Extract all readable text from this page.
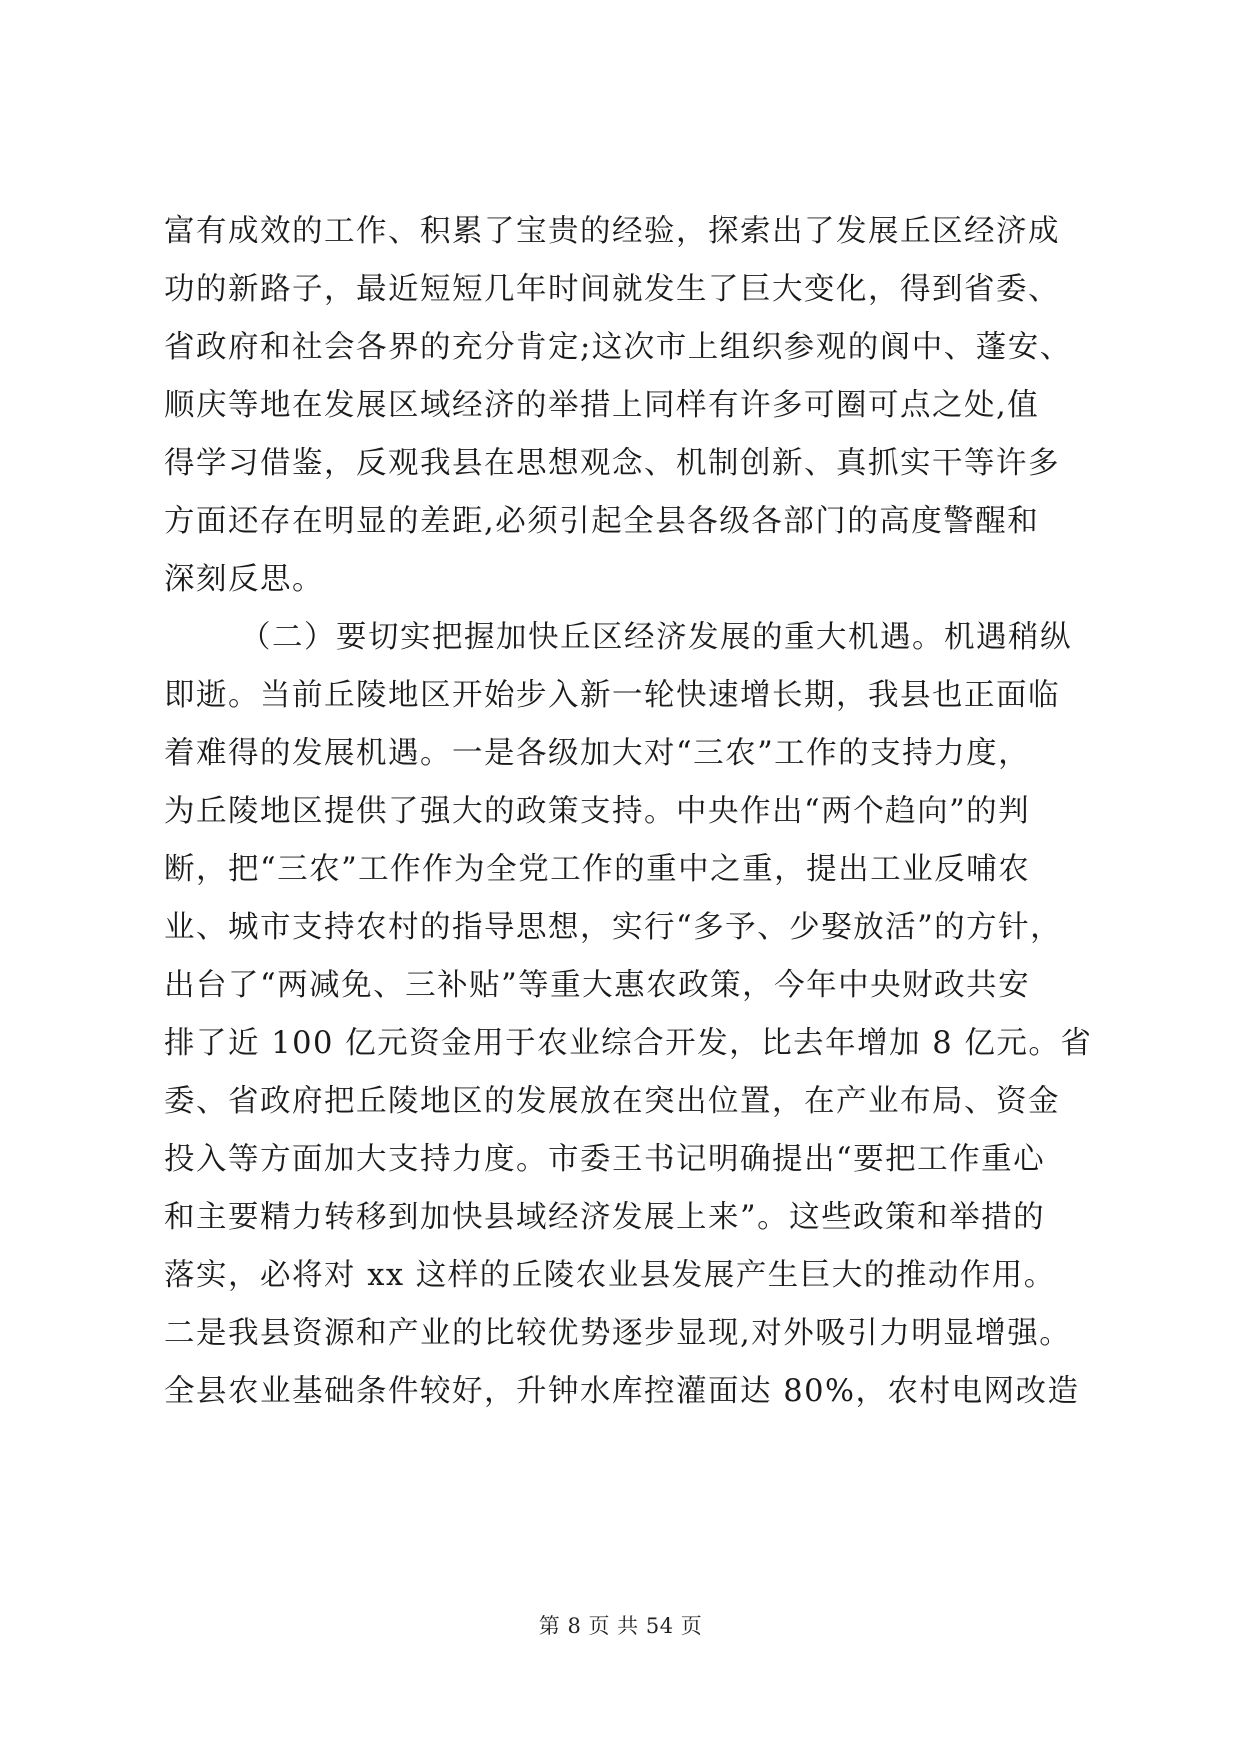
富有成效的工作、积累了宝贵的经验，探索出了发展丘区经济成
功的新路子，最近短短几年时间就发生了巨大变化，得到省委、
省政府和社会各界的充分肯定;这次市上组织参观的阆中、蓬安、
顺庆等地在发展区域经济的举措上同样有许多可圈可点之处,值
得学习借鉴，反观我县在思想观念、机制创新、真抓实干等许多
方面还存在明显的差距,必须引起全县各级各部门的高度警醒和
深刻反思。
（二）要切实把握加快丘区经济发展的重大机遇。机遇稍纵
即逝。当前丘陵地区开始步入新一轮快速增长期，我县也正面临
着难得的发展机遇。一是各级加大对“三农”工作的支持力度，
为丘陵地区提供了强大的政策支持。中央作出“两个趋向”的判
断，把“三农”工作作为全党工作的重中之重，提出工业反哺农
业、城市支持农村的指导思想，实行“多予、少娶放活”的方针，
出台了“两减免、三补贴”等重大惠农政策，今年中央财政共安
排了近 100 亿元资金用于农业综合开发，比去年增加 8 亿元。省
委、省政府把丘陵地区的发展放在突出位置，在产业布局、资金
投入等方面加大支持力度。市委王书记明确提出“要把工作重心
和主要精力转移到加快县域经济发展上来”。这些政策和举措的
落实，必将对 xx 这样的丘陵农业县发展产生巨大的推动作用。
二是我县资源和产业的比较优势逐步显现,对外吸引力明显增强。
全县农业基础条件较好，升钟水库控灌面达 80%，农村电网改造
第 8 页 共 54 页
